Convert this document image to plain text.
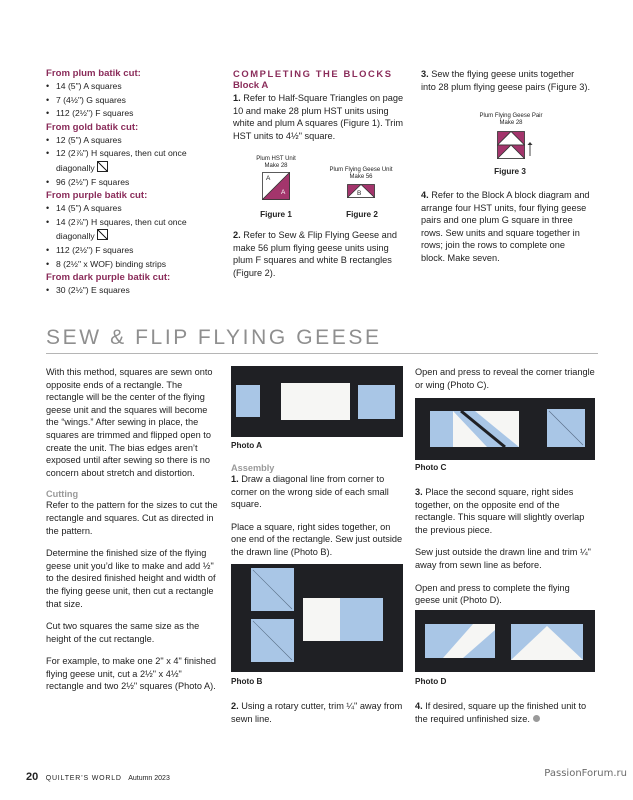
From plum batik cut:
• 14 (5") A squares
• 7 (4½") G squares
• 112 (2½") F squares
From gold batik cut:
• 12 (5") A squares
• 12 (2⅞") H squares, then cut once
diagonally
• 96 (2½") F squares
From purple batik cut:
• 14 (5") A squares
• 14 (2⅞") H squares, then cut once
diagonally
• 112 (2½") F squares
• 8 (2½" x WOF) binding strips
From dark purple batik cut:
• 30 (2½") E squares
COMPLETING THE BLOCKS
Block A

1. Refer to Half-Square Triangles on page 10 and make 28 plum HST units using white and plum A squares (Figure 1). Trim HST units to 4½" square.

Plum HST Unit
Make 28
A
A
Figure 1
Plum Flying Geese Unit
Make 56
B
Figure 2

2. Refer to Sew & Flip Flying Geese and make 56 plum flying geese units using plum F squares and white B rectangles (Figure 2).

3. Sew the flying geese units together into 28 plum flying geese pairs (Figure 3).

Plum Flying Geese Pair
Make 28
Figure 3

4. Refer to the Block A block diagram and arrange four HST units, four flying geese pairs and one plum G square in three rows. Sew units and square together in rows; join the rows to complete one block. Make seven.

SEW & FLIP FLYING GEESE

With this method, squares are sewn onto opposite ends of a rectangle. The rectangle will be the center of the flying geese unit and the squares will become the “wings.” After sewing in place, the squares are trimmed and flipped open to create the unit. The bias edges aren’t exposed until after sewing so there is no concern about stretch and distortion.

Cutting

Refer to the pattern for the sizes to cut the rectangle and squares. Cut as directed in the pattern.

Determine the finished size of the flying geese unit you’d like to make and add ½" to the desired finished height and width of the flying geese unit, then cut a rectangle that size.

Cut two squares the same size as the height of the cut rectangle.

For example, to make one 2" x 4" finished flying geese unit, cut a 2½" x 4½" rectangle and two 2½" squares (Photo A).

Photo A
Assembly

1. Draw a diagonal line from corner to corner on the wrong side of each small square.

Place a square, right sides together, on one end of the rectangle. Sew just outside the drawn line (Photo B).

Photo B

2. Using a rotary cutter, trim ¼" away from sewn line.

Open and press to reveal the corner triangle or wing (Photo C).

Photo C

3. Place the second square, right sides together, on the opposite end of the rectangle. This square will slightly overlap the previous piece.

Sew just outside the drawn line and trim ¼" away from sewn line as before.

Open and press to complete the flying geese unit (Photo D).

Photo D

4. If desired, square up the finished unit to the required unfinished size.

20 QUILTER’S WORLD Autumn 2023	PassionForum.ru
